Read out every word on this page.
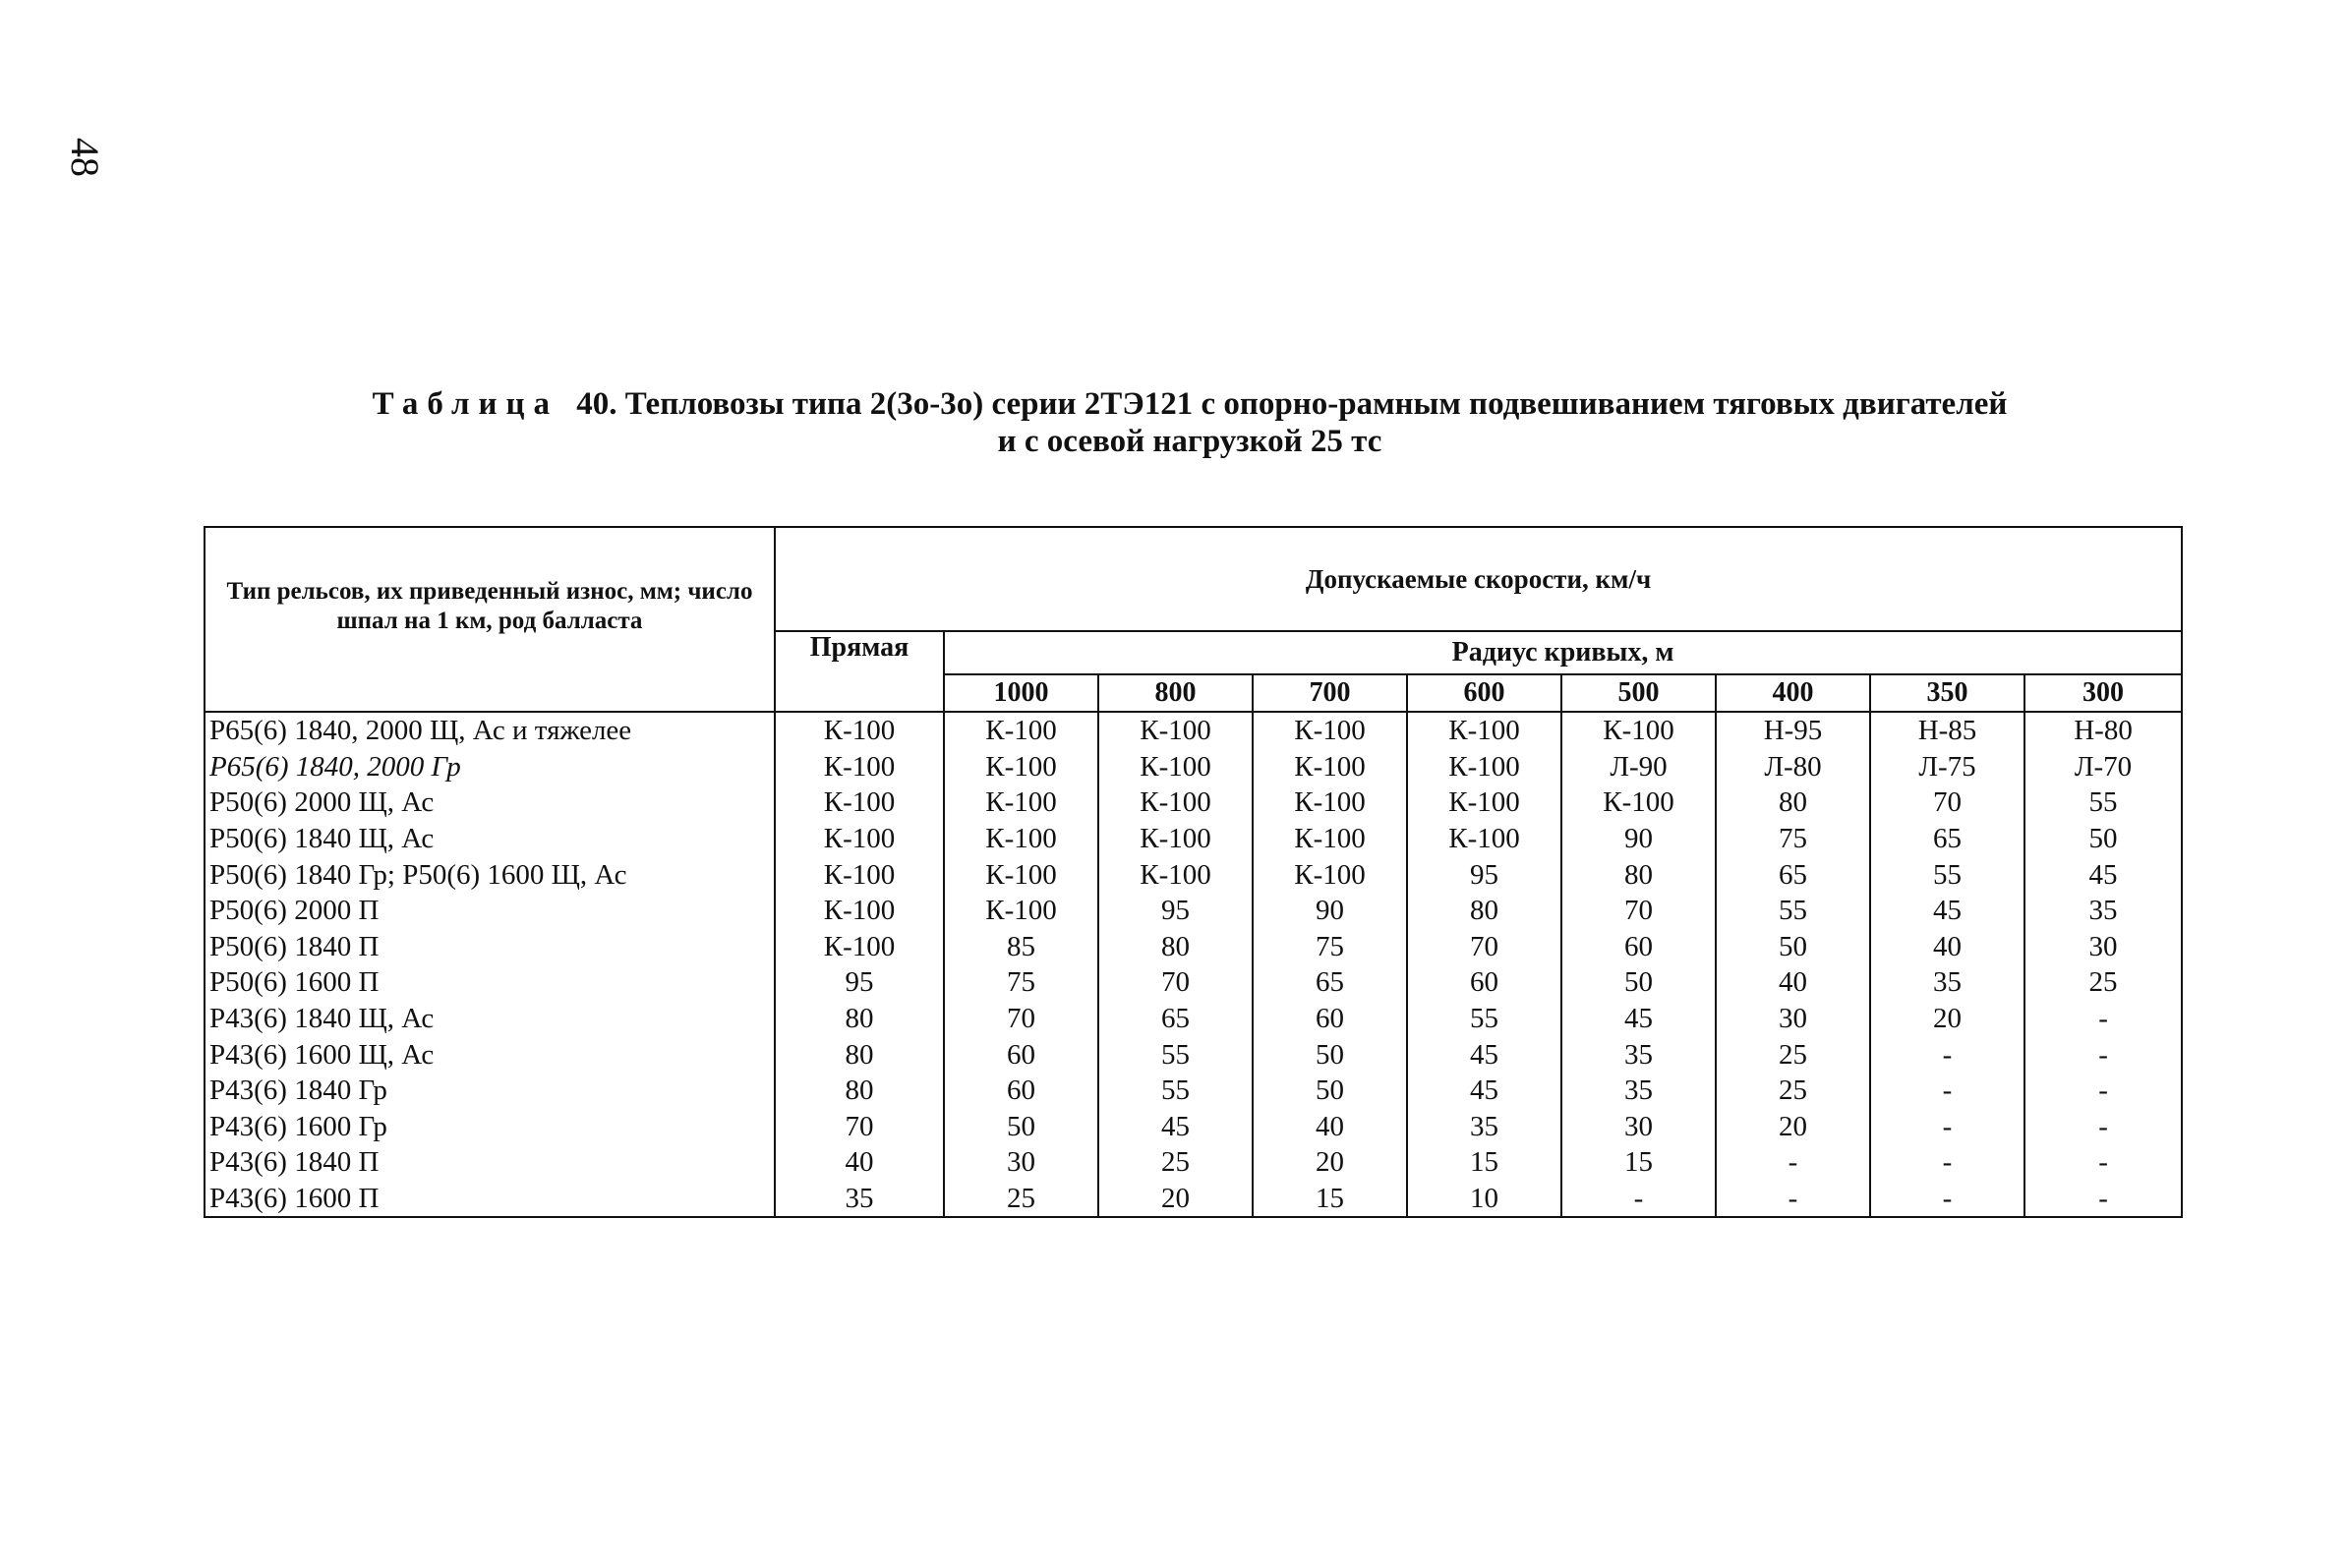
48
Таблица 40. Тепловозы типа 2(3о-3о) серии 2ТЭ121 с опорно-рамным подвешиванием тяговых двигателей
и с осевой нагрузкой 25 тс
Тип рельсов, их приведенный износ, мм; число шпал на 1 км, род балласта	Допускаемые скорости, км/ч								
	Прямая	Радиус кривых, м							
		1000	800	700	600	500	400	350	300
Р65(6) 1840, 2000 Щ, Ас и тяжелее	К-100	К-100	К-100	К-100	К-100	К-100	Н-95	Н-85	Н-80
Р65(6) 1840, 2000 Гр	К-100	К-100	К-100	К-100	К-100	Л-90	Л-80	Л-75	Л-70
Р50(6) 2000 Щ, Ас	К-100	К-100	К-100	К-100	К-100	К-100	80	70	55
Р50(6) 1840 Щ, Ас	К-100	К-100	К-100	К-100	К-100	90	75	65	50
Р50(6) 1840 Гр; Р50(6) 1600 Щ, Ас	К-100	К-100	К-100	К-100	95	80	65	55	45
Р50(6) 2000 П	К-100	К-100	95	90	80	70	55	45	35
Р50(6) 1840 П	К-100	85	80	75	70	60	50	40	30
Р50(6) 1600 П	95	75	70	65	60	50	40	35	25
Р43(6) 1840 Щ, Ас	80	70	65	60	55	45	30	20	-
Р43(6) 1600 Щ, Ас	80	60	55	50	45	35	25	-	-
Р43(6) 1840 Гр	80	60	55	50	45	35	25	-	-
Р43(6) 1600 Гр	70	50	45	40	35	30	20	-	-
Р43(6) 1840 П	40	30	25	20	15	15	-	-	-
Р43(6) 1600 П	35	25	20	15	10	-	-	-	-
